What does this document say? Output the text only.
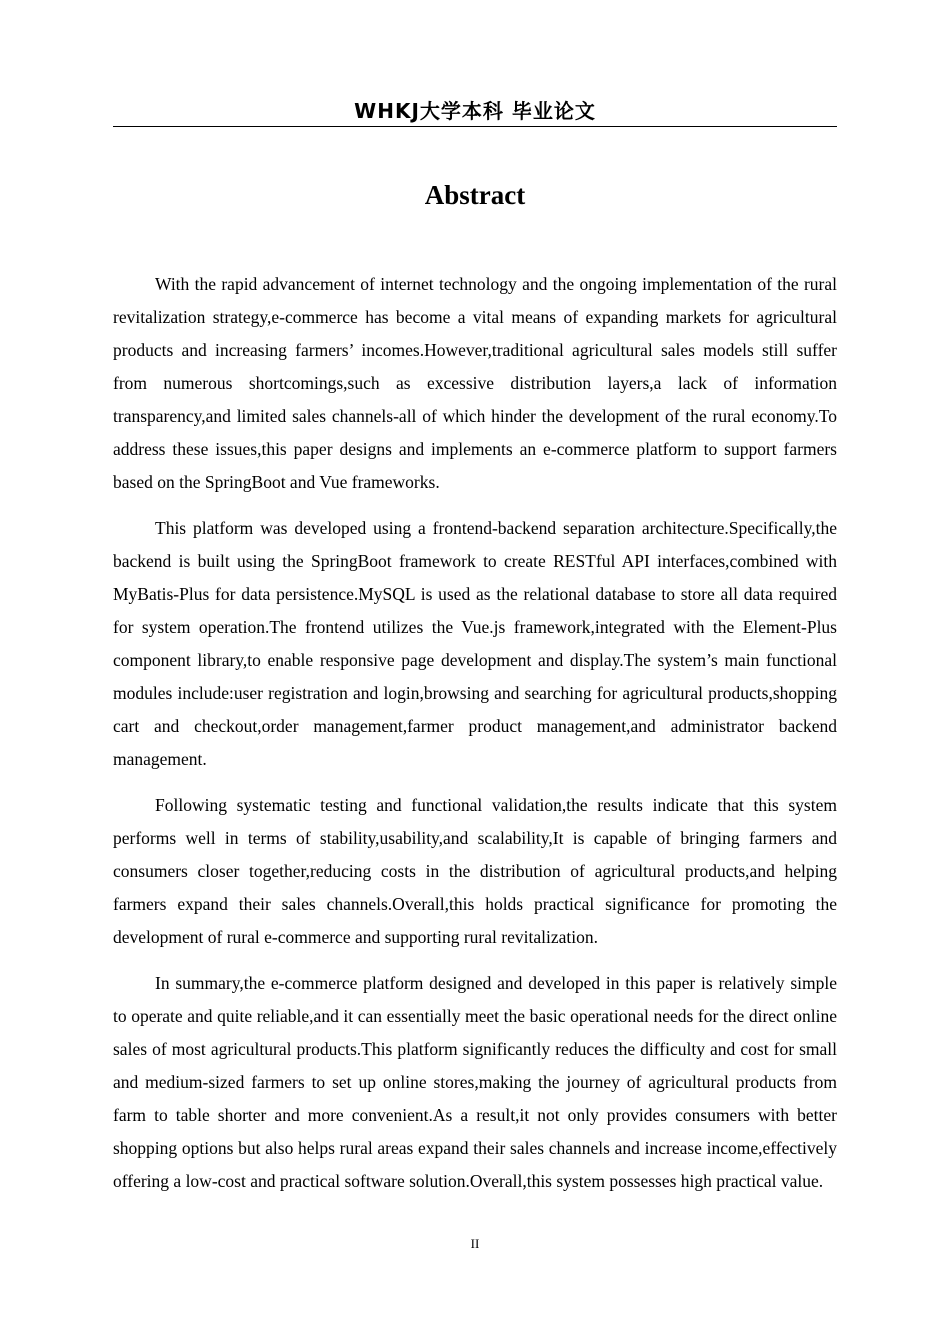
WHKJ大学本科 毕业论文
Abstract

With the rapid advancement of internet technology and the ongoing implementation of the rural revitalization strategy,e-commerce has become a vital means of expanding markets for agricultural products and increasing farmers’ incomes.However,traditional agricultural sales models still suffer from numerous shortcomings,such as excessive distribution layers,a lack of information transparency,and limited sales channels-all of which hinder the development of the rural economy.To address these issues,this paper designs and implements an e-commerce platform to support farmers based on the SpringBoot and Vue frameworks.

This platform was developed using a frontend-backend separation architecture.Specifically,the backend is built using the SpringBoot framework to create RESTful API interfaces,combined with MyBatis-Plus for data persistence.MySQL is used as the relational database to store all data required for system operation.The frontend utilizes the Vue.js framework,integrated with the Element-Plus component library,to enable responsive page development and display.The system’s main functional modules include:user registration and login,browsing and searching for agricultural products,shopping cart and checkout,order management,farmer product management,and administrator backend management.

Following systematic testing and functional validation,the results indicate that this system performs well in terms of stability,usability,and scalability,It is capable of bringing farmers and consumers closer together,reducing costs in the distribution of agricultural products,and helping farmers expand their sales channels.Overall,this holds practical significance for promoting the development of rural e-commerce and supporting rural revitalization.

In summary,the e-commerce platform designed and developed in this paper is relatively simple to operate and quite reliable,and it can essentially meet the basic operational needs for the direct online sales of most agricultural products.This platform significantly reduces the difficulty and cost for small and medium-sized farmers to set up online stores,making the journey of agricultural products from farm to table shorter and more convenient.As a result,it not only provides consumers with better shopping options but also helps rural areas expand their sales channels and increase income,effectively offering a low-cost and practical software solution.Overall,this system possesses high practical value.

II
